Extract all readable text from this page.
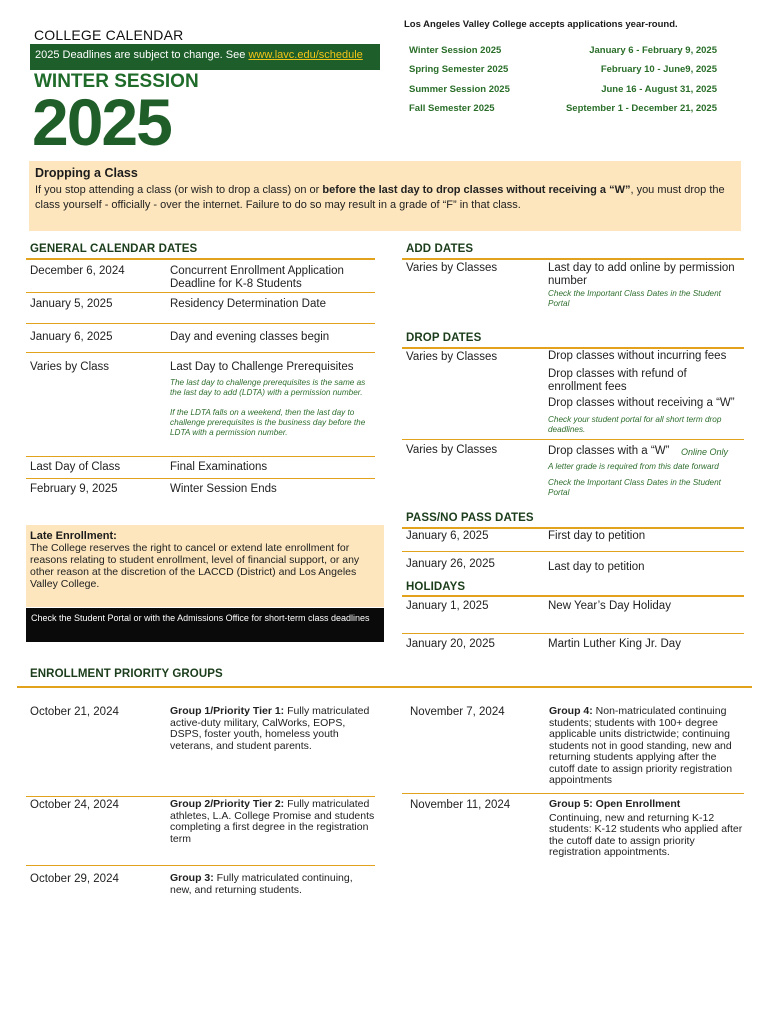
COLLEGE CALENDAR
2025 Deadlines are subject to change. See www.lavc.edu/schedule
WINTER SESSION
2025
Los Angeles Valley College accepts applications year-round.
Winter Session 2025	January 6 - February 9, 2025
Spring Semester 2025	February 10 - June9, 2025
Summer Session 2025	June 16 - August 31, 2025
Fall Semester 2025	September 1 - December 21, 2025
Dropping a Class
If you stop attending a class (or wish to drop a class) on or before the last day to drop classes without receiving a “W”, you must drop the class yourself - officially - over the internet. Failure to do so may result in a grade of “F” in that class.
GENERAL CALENDAR DATES
December 6, 2024	Concurrent Enrollment Application Deadline for K-8 Students
January 5, 2025	Residency Determination Date
January 6, 2025	Day and evening classes begin
Varies by Class	Last Day to Challenge Prerequisites
The last day to challenge prerequisites is the same as the last day to add (LDTA) with a permission number.
If the LDTA falls on a weekend, then the last day to challenge prerequisites is the business day before the LDTA with a permission number.
Last Day of Class	Final Examinations
February 9, 2025	Winter Session Ends
Late Enrollment:
The College reserves the right to cancel or extend late enrollment for reasons relating to student enrollment, level of financial support, or any other reason at the discretion of the LACCD (District) and Los Angeles Valley College.
Check the Student Portal or with the Admissions Office for short-term class deadlines
ADD DATES
Varies by Classes	Last day to add online by permission number
Check the Important Class Dates in the Student Portal
DROP DATES
Varies by Classes	Drop classes without incurring fees
Drop classes with refund of enrollment fees
Drop classes without receiving a “W”
Check your student portal for all short term drop deadlines.
Varies by Classes	Drop classes with a “W”	Online Only
A letter grade is required from this date forward
Check the Important Class Dates in the Student Portal
PASS/NO PASS DATES
January 6, 2025	First day to petition
January 26, 2025	Last day to petition
HOLIDAYS
January 1, 2025	New Year’s Day Holiday
January 20, 2025	Martin Luther King Jr. Day
ENROLLMENT PRIORITY GROUPS
October 21, 2024	Group 1/Priority Tier 1: Fully matriculated active-duty military, CalWorks, EOPS, DSPS, foster youth, homeless youth veterans, and student parents.
October 24, 2024	Group 2/Priority Tier 2: Fully matriculated athletes, L.A. College Promise and students completing a first degree in the registration term
October 29, 2024	Group 3: Fully matriculated continuing, new, and returning students.
November 7, 2024	Group 4: Non-matriculated continuing students; students with 100+ degree applicable units districtwide; continuing students not in good standing, new and returning students applying after the cutoff date to assign priority registration appointments
November 11, 2024	Group 5: Open Enrollment
Continuing, new and returning K-12 students: K-12 students who applied after the cutoff date to assign priority registration appointments.
